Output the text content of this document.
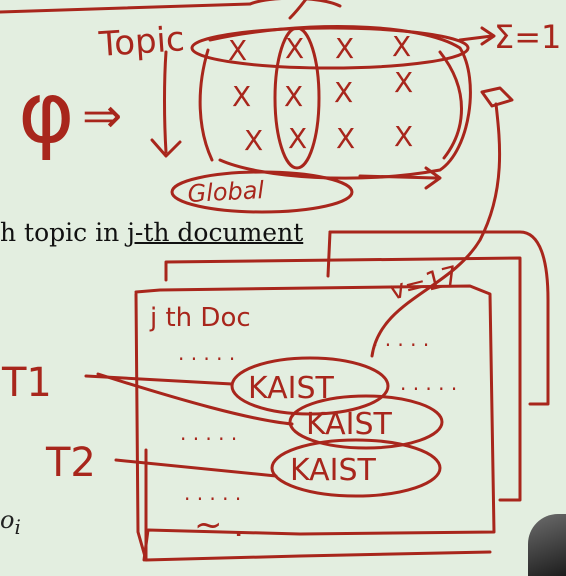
Topic
φ ⇒
Σ=1
X X X X
X X X X
X X X X
Global
v=17
j th Doc
. . . . .
. . . . .
. . . . .
. . . . .
. . . . .
~ .
KAIST
KAIST
KAIST
T1
T2
h topic in j-th document
$o_i$
